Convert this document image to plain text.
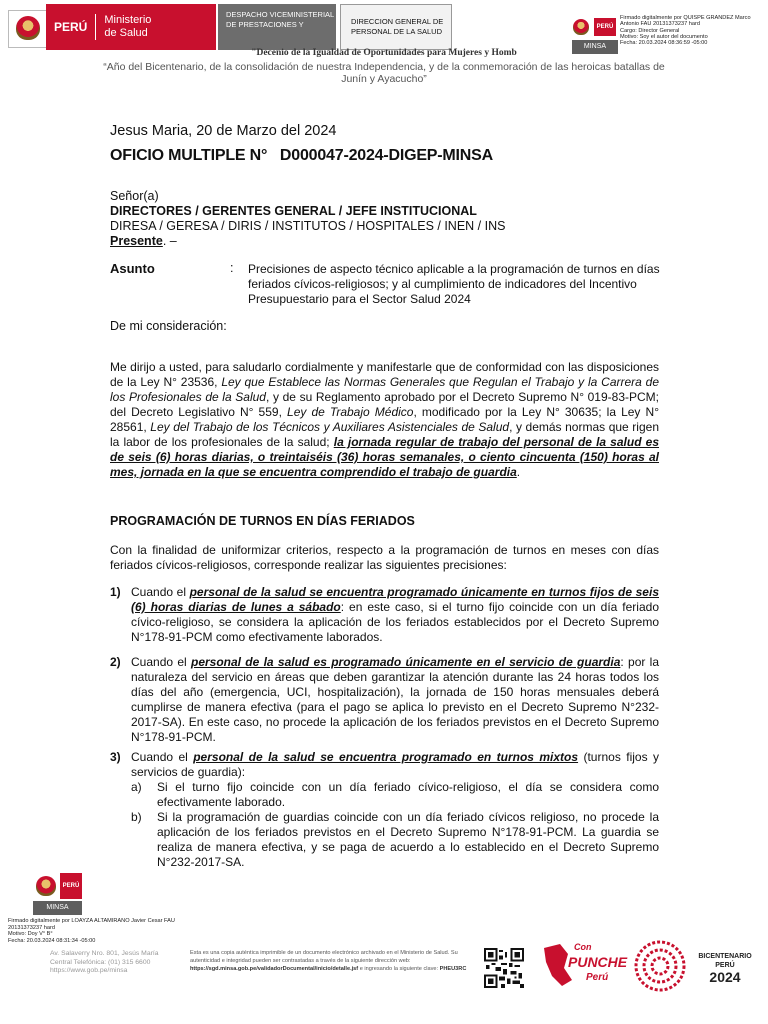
PERÚ	Ministerio
de Salud
DESPACHO VICEMINISTERIAL DE PRESTACIONES Y	DIRECCION GENERAL DE PERSONAL DE LA SALUD	PERÚ
MINSA
Firmado digitalmente por QUISPE GRANDEZ Marco Antonio FAU 20131373237 hard
Cargo: Director General
Motivo: Soy el autor del documento
Fecha: 20.03.2024 08:36:59 -05:00
"Decenio de la Igualdad de Oportunidades para Mujeres y Homb
“Año del Bicentenario, de la consolidación de nuestra Independencia, y de la conmemoración de las heroicas batallas de Junín y Ayacucho”
Jesus Maria, 20 de Marzo del 2024
OFICIO MULTIPLE N°   D000047-2024-DIGEP-MINSA
Señor(a)
DIRECTORES / GERENTES GENERAL / JEFE INSTITUCIONAL
DIRESA / GERESA / DIRIS / INSTITUTOS / HOSPITALES / INEN / INS
Presente. –
Asunto	: Precisiones de aspecto técnico aplicable a la programación de turnos en días feriados cívicos-religiosos; y al cumplimiento de indicadores del Incentivo Presupuestario para el Sector Salud 2024
De mi consideración:
Me dirijo a usted, para saludarlo cordialmente y manifestarle que de conformidad con las disposiciones de la Ley N° 23536, Ley que Establece las Normas Generales que Regulan el Trabajo y la Carrera de los Profesionales de la Salud, y de su Reglamento aprobado por el Decreto Supremo N° 019-83-PCM; del Decreto Legislativo N° 559, Ley de Trabajo Médico, modificado por la Ley N° 30635; la Ley N° 28561, Ley del Trabajo de los Técnicos y Auxiliares Asistenciales de Salud, y demás normas que rigen la labor de los profesionales de la salud; la jornada regular de trabajo del personal de la salud es de seis (6) horas diarias, o treintaiséis (36) horas semanales, o ciento cincuenta (150) horas al mes, jornada en la que se encuentra comprendido el trabajo de guardia.
PROGRAMACIÓN DE TURNOS EN DÍAS FERIADOS
Con la finalidad de uniformizar criterios, respecto a la programación de turnos en meses con días feriados cívicos-religiosos, corresponde realizar las siguientes precisiones:
1) Cuando el personal de la salud se encuentra programado únicamente en turnos fijos de seis (6) horas diarias de lunes a sábado: en este caso, si el turno fijo coincide con un día feriado cívico-religioso, se considera la aplicación de los feriados establecidos por el Decreto Supremo N°178-91-PCM como efectivamente laborados.
2) Cuando el personal de la salud es programado únicamente en el servicio de guardia: por la naturaleza del servicio en áreas que deben garantizar la atención durante las 24 horas todos los días del año (emergencia, UCI, hospitalización), la jornada de 150 horas mensuales deberá cumplirse de manera efectiva (para el pago se aplica lo previsto en el Decreto Supremo N°232-2017-SA). En este caso, no procede la aplicación de los feriados previstos en el Decreto Supremo N°178-91-PCM.
3) Cuando el personal de la salud se encuentra programado en turnos mixtos (turnos fijos y servicios de guardia):
a) Si el turno fijo coincide con un día feriado cívico-religioso, el día se considera como efectivamente laborado.
b) Si la programación de guardias coincide con un día feriado cívicos religioso, no procede la aplicación de los feriados previstos en el Decreto Supremo N°178-91-PCM. La guardia se realiza de manera efectiva, y se paga de acuerdo a lo establecido en el Decreto Supremo N°232-2017-SA.
PERÚ
MINSA
Firmado digitalmente por LOAYZA ALTAMIRANO Javier Cesar FAU 20131373237 hard
Motivo: Doy V° B°
Fecha: 20.03.2024 08:31:34 -05:00
Av. Salaverry Nro. 801, Jesús María
Central Telefónica: (01) 315 6600
https://www.gob.pe/minsa
Esta es una copia auténtica imprimible de un documento electrónico archivado en el Ministerio de Salud. Su autenticidad e integridad pueden ser contrastadas a través de la siguiente dirección web: https://sgd.minsa.gob.pe/validadorDocumental/inicio/detalle.jsf e ingresando la siguiente clave: PHEU3RC
Con
PUNCHE
Perú
BICENTENARIO
PERÚ
2024
